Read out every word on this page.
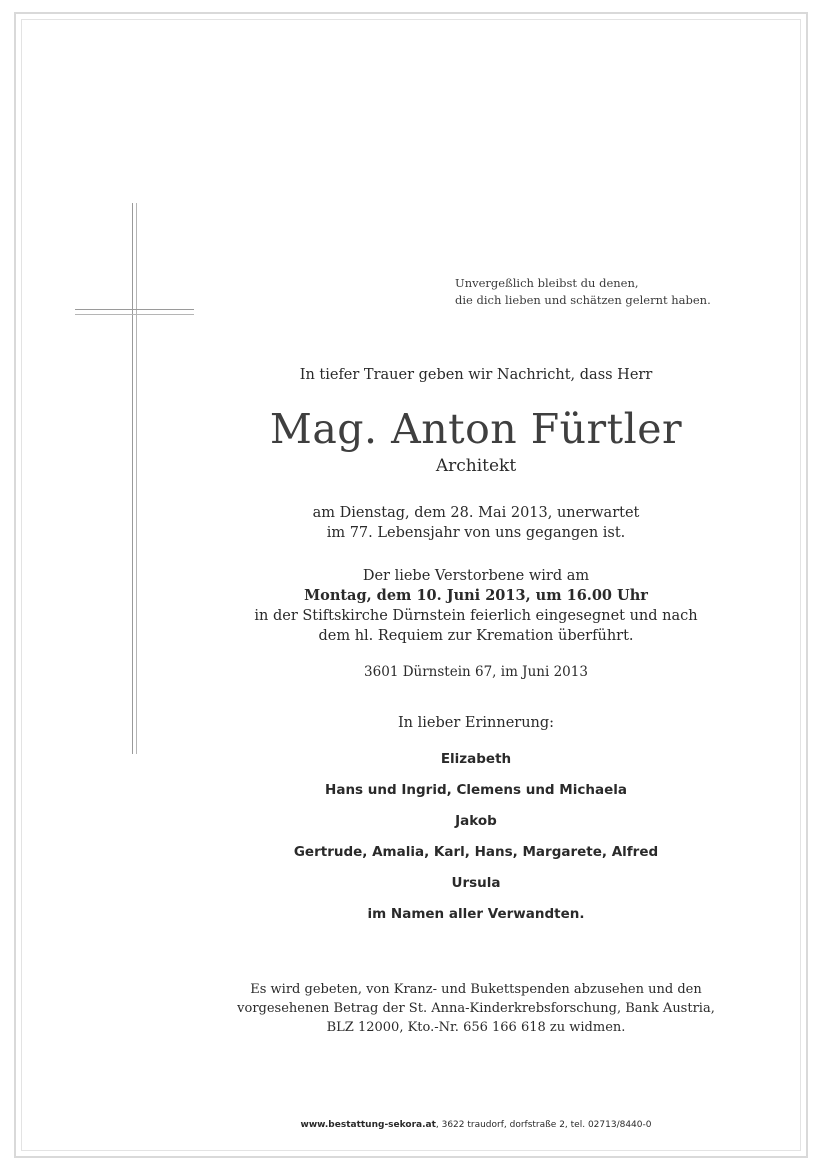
Unvergeßlich bleibst du denen,
die dich lieben und schätzen gelernt haben.
In tiefer Trauer geben wir Nachricht, dass Herr
Mag. Anton Fürtler
Architekt
am Dienstag, dem 28. Mai 2013, unerwartet
im 77. Lebensjahr von uns gegangen ist.
Der liebe Verstorbene wird am
Montag, dem 10. Juni 2013, um 16.00 Uhr
in der Stiftskirche Dürnstein feierlich eingesegnet und nach
dem hl. Requiem zur Kremation überführt.
3601 Dürnstein 67, im Juni 2013
In lieber Erinnerung:
Elizabeth
Hans und Ingrid, Clemens und Michaela
Jakob
Gertrude, Amalia, Karl, Hans, Margarete, Alfred
Ursula
im Namen aller Verwandten.
Es wird gebeten, von Kranz- und Bukettspenden abzusehen und den
vorgesehenen Betrag der St. Anna-Kinderkrebsforschung, Bank Austria,
BLZ 12000, Kto.-Nr. 656 166 618 zu widmen.
www.bestattung-sekora.at, 3622 traudorf, dorfstraße 2, tel. 02713/8440-0
